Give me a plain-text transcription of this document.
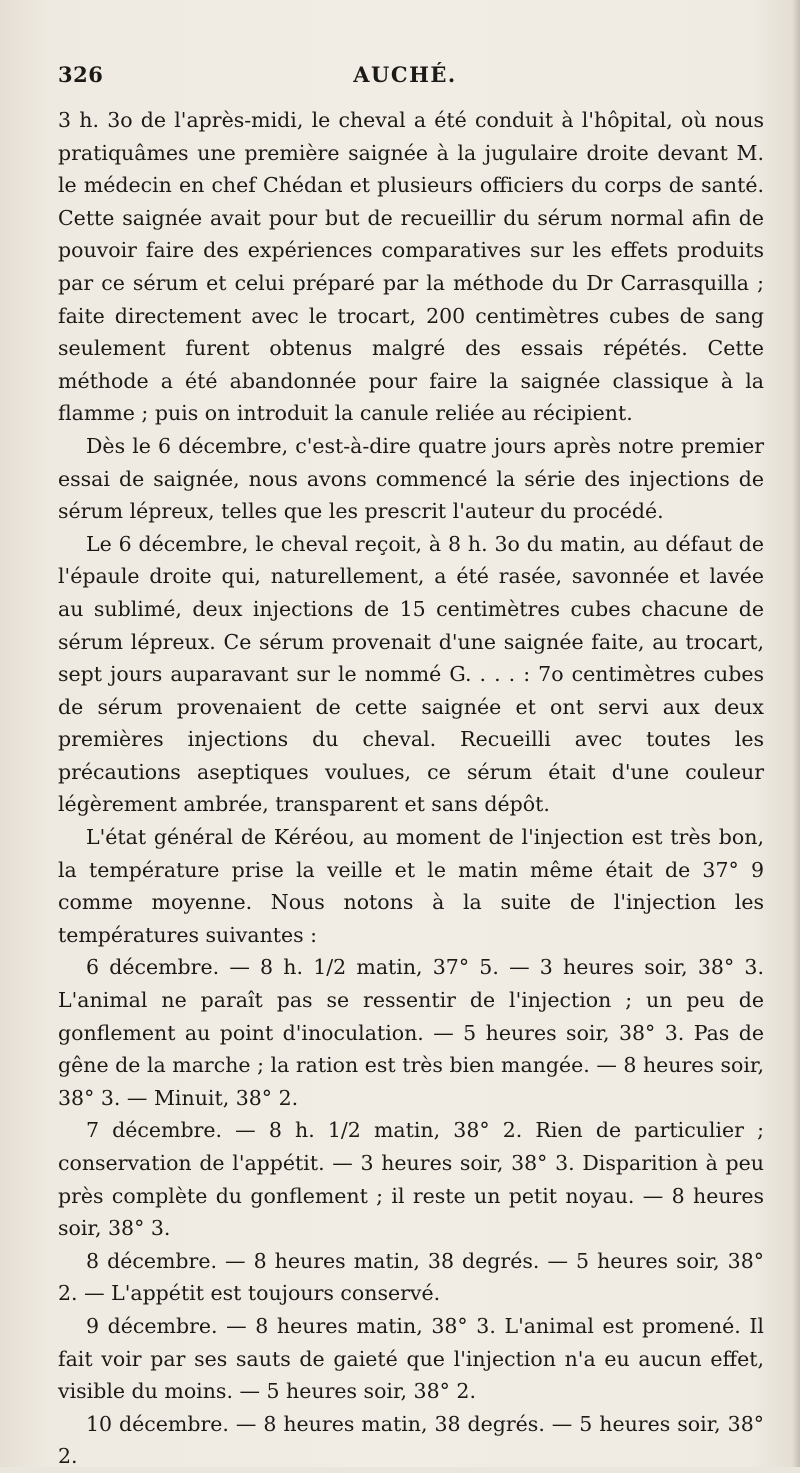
326	AUCHÉ.

3 h. 3o de l'après-midi, le cheval a été conduit à l'hôpital, où nous pratiquâmes une première saignée à la jugulaire droite devant M. le médecin en chef Chédan et plusieurs officiers du corps de santé. Cette saignée avait pour but de recueillir du sérum normal afin de pouvoir faire des expériences comparatives sur les effets produits par ce sérum et celui préparé par la méthode du Dr Carrasquilla ; faite directement avec le trocart, 200 centimètres cubes de sang seulement furent obtenus malgré des essais répétés. Cette méthode a été abandonnée pour faire la saignée classique à la flamme ; puis on introduit la canule reliée au récipient.

Dès le 6 décembre, c'est-à-dire quatre jours après notre premier essai de saignée, nous avons commencé la série des injections de sérum lépreux, telles que les prescrit l'auteur du procédé.

Le 6 décembre, le cheval reçoit, à 8 h. 3o du matin, au défaut de l'épaule droite qui, naturellement, a été rasée, savonnée et lavée au sublimé, deux injections de 15 centimètres cubes chacune de sérum lépreux. Ce sérum provenait d'une saignée faite, au trocart, sept jours auparavant sur le nommé G. . . . : 7o centimètres cubes de sérum provenaient de cette saignée et ont servi aux deux premières injections du cheval. Recueilli avec toutes les précautions aseptiques voulues, ce sérum était d'une couleur légèrement ambrée, transparent et sans dépôt.

L'état général de Kéréou, au moment de l'injection est très bon, la température prise la veille et le matin même était de 37° 9 comme moyenne. Nous notons à la suite de l'injection les températures suivantes :

6 décembre. — 8 h. 1/2 matin, 37° 5. — 3 heures soir, 38° 3. L'animal ne paraît pas se ressentir de l'injection ; un peu de gonflement au point d'inoculation. — 5 heures soir, 38° 3. Pas de gêne de la marche ; la ration est très bien mangée. — 8 heures soir, 38° 3. — Minuit, 38° 2.

7 décembre. — 8 h. 1/2 matin, 38° 2. Rien de particulier ; conservation de l'appétit. — 3 heures soir, 38° 3. Disparition à peu près complète du gonflement ; il reste un petit noyau. — 8 heures soir, 38° 3.

8 décembre. — 8 heures matin, 38 degrés. — 5 heures soir, 38° 2. — L'appétit est toujours conservé.

9 décembre. — 8 heures matin, 38° 3. L'animal est promené. Il fait voir par ses sauts de gaieté que l'injection n'a eu aucun effet, visible du moins. — 5 heures soir, 38° 2.

10 décembre. — 8 heures matin, 38 degrés. — 5 heures soir, 38° 2.
